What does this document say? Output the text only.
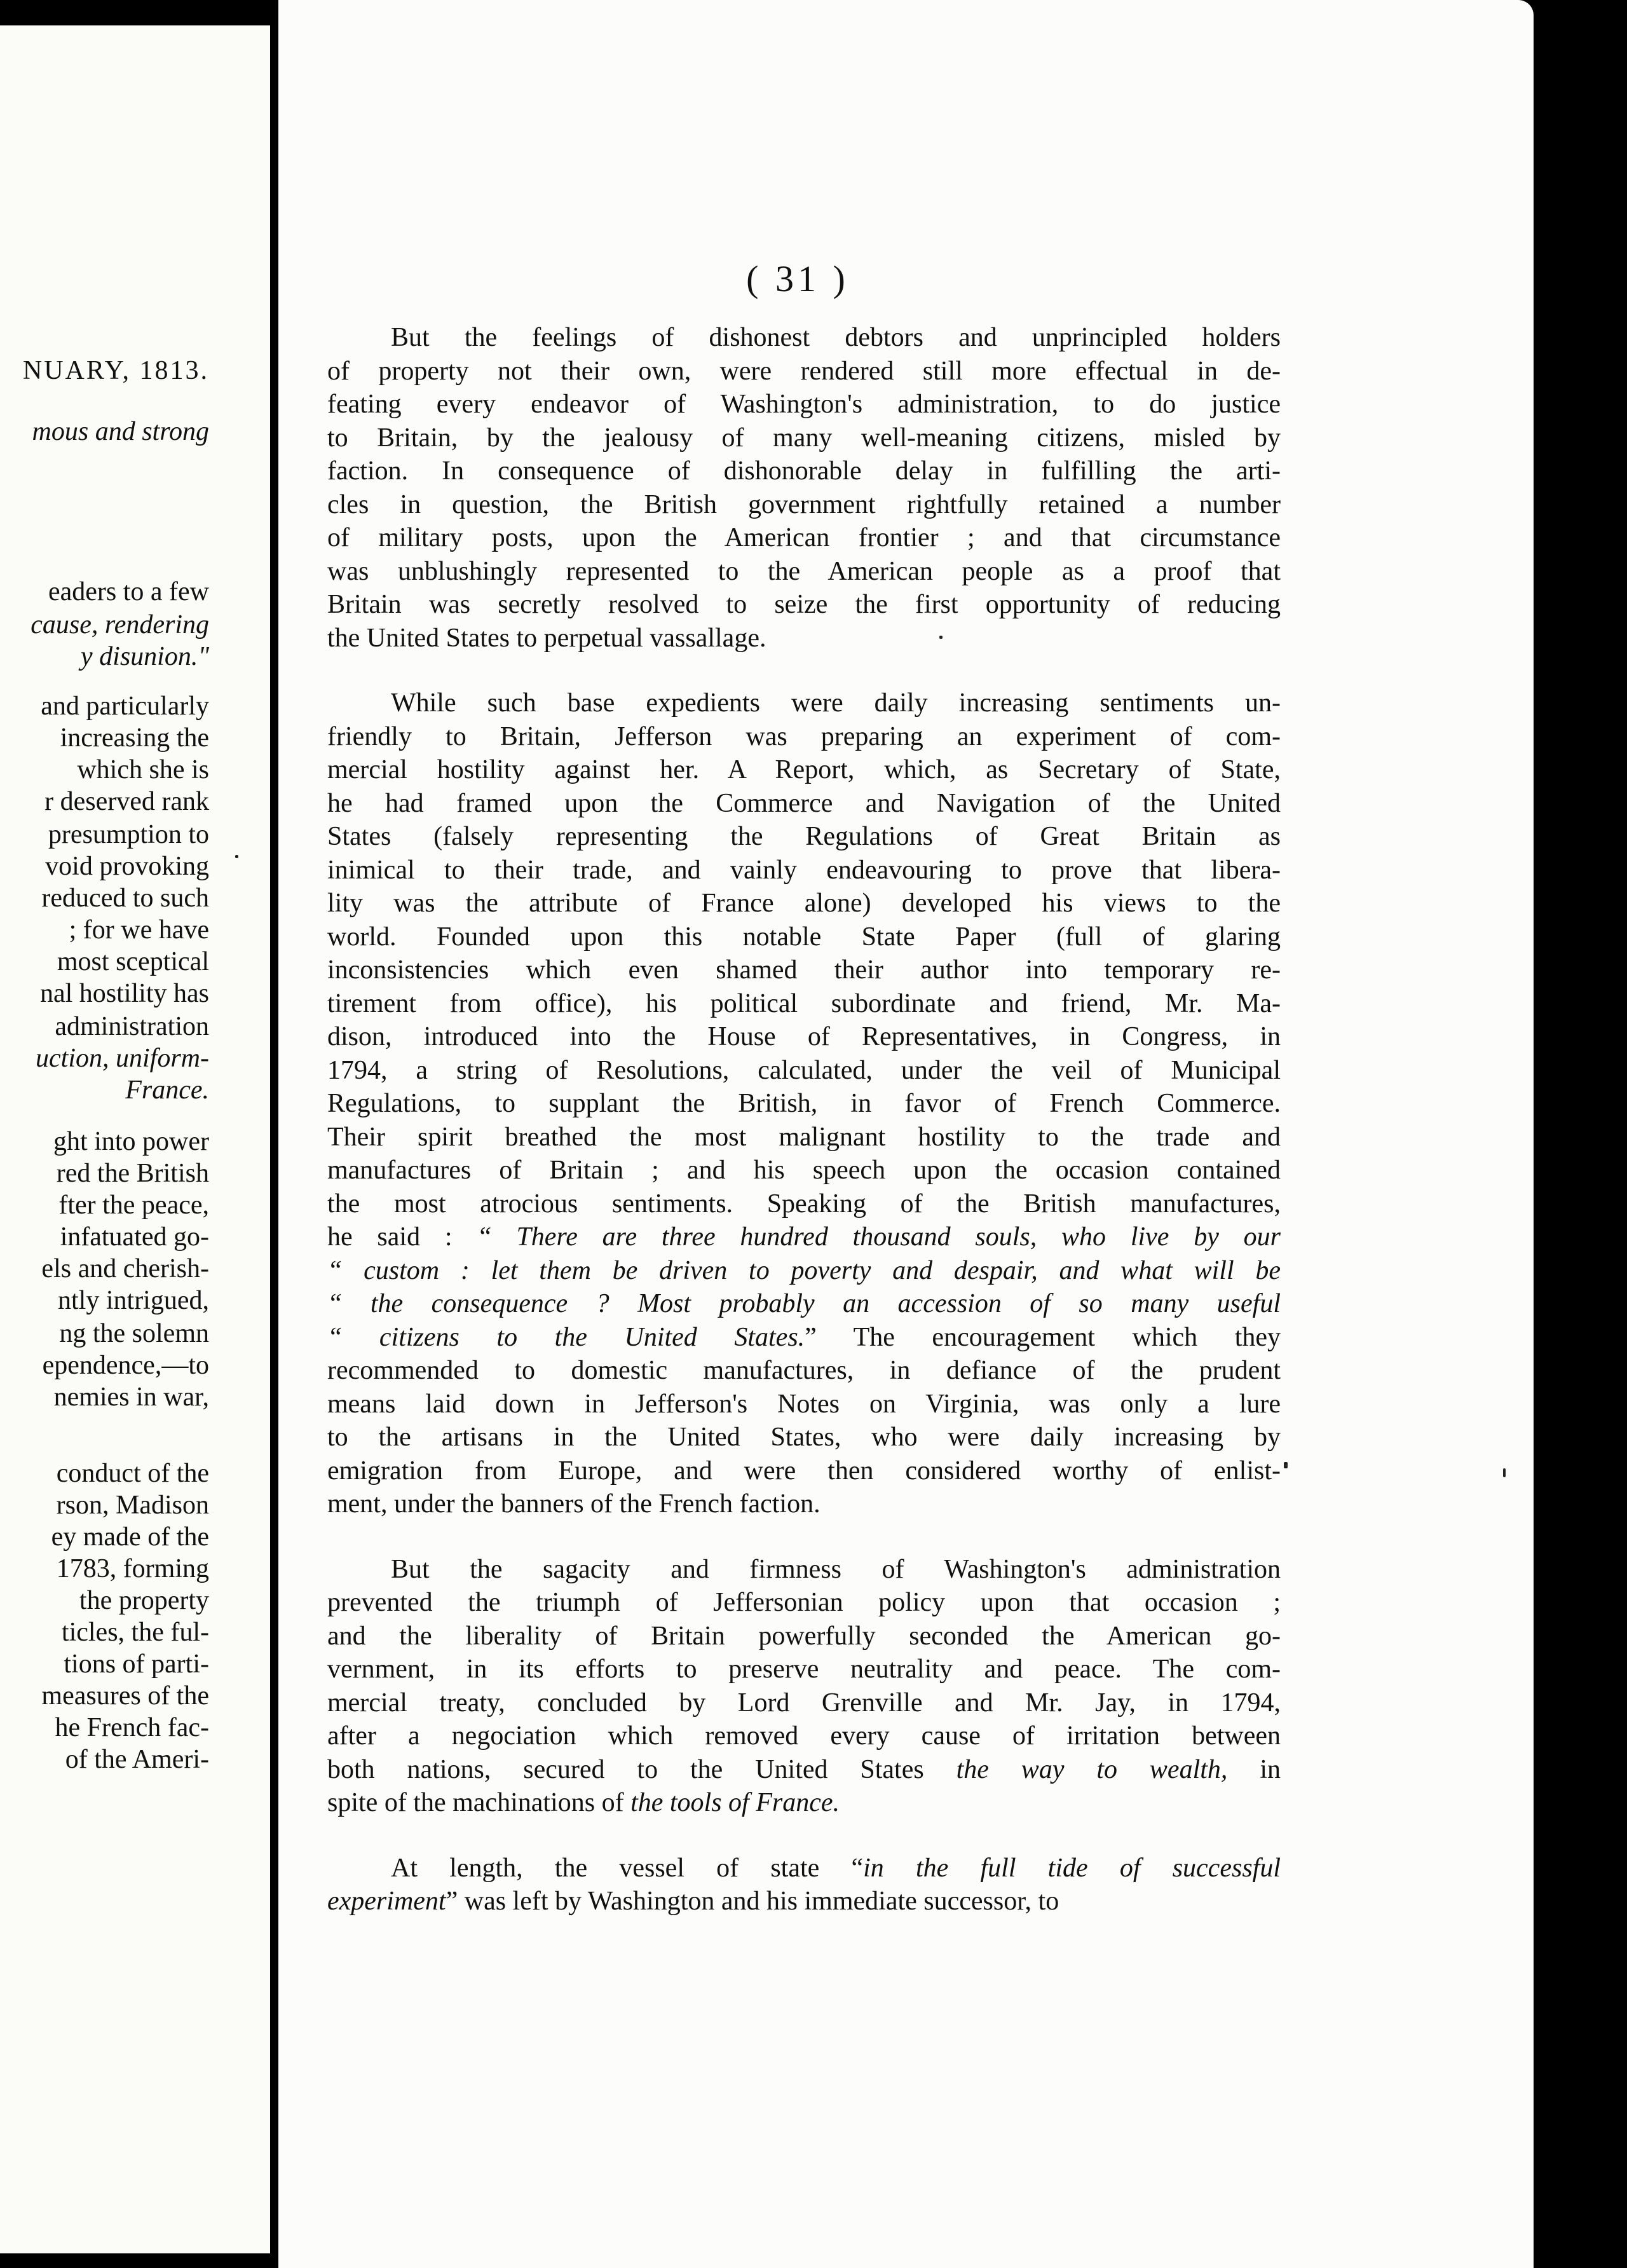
NUARY, 1813.
mous and strong
eaders to a few
cause, rendering
y disunion."
and particularly
increasing the
which she is
r deserved rank
presumption to
void provoking
reduced to such
; for we have
most sceptical
nal hostility has
administration
uction, uniform-
France.
ght into power
red the British
fter the peace,
infatuated go-
els and cherish-
ntly intrigued,
ng the solemn
ependence,—to
nemies in war,
conduct of the
rson, Madison
ey made of the
1783, forming
the property
ticles, the ful-
tions of parti-
measures of the
he French fac-
of the Ameri-
( 31 )
But the feelings of dishonest debtors and unprincipled holders
of property not their own, were rendered still more effectual in de-
feating every endeavor of Washington's administration, to do justice
to Britain, by the jealousy of many well-meaning citizens, misled by
faction. In consequence of dishonorable delay in fulfilling the arti-
cles in question, the British government rightfully retained a number
of military posts, upon the American frontier ; and that circumstance
was unblushingly represented to the American people as a proof that
Britain was secretly resolved to seize the first opportunity of reducing
the United States to perpetual vassallage.
While such base expedients were daily increasing sentiments un-
friendly to Britain, Jefferson was preparing an experiment of com-
mercial hostility against her. A Report, which, as Secretary of State,
he had framed upon the Commerce and Navigation of the United
States (falsely representing the Regulations of Great Britain as
inimical to their trade, and vainly endeavouring to prove that libera-
lity was the attribute of France alone) developed his views to the
world. Founded upon this notable State Paper (full of glaring
inconsistencies which even shamed their author into temporary re-
tirement from office), his political subordinate and friend, Mr. Ma-
dison, introduced into the House of Representatives, in Congress, in
1794, a string of Resolutions, calculated, under the veil of Municipal
Regulations, to supplant the British, in favor of French Commerce.
Their spirit breathed the most malignant hostility to the trade and
manufactures of Britain ; and his speech upon the occasion contained
the most atrocious sentiments. Speaking of the British manufactures,
he said : “ There are three hundred thousand souls, who live by our
“ custom : let them be driven to poverty and despair, and what will be
“ the consequence ? Most probably an accession of so many useful
“ citizens to the United States.” The encouragement which they
recommended to domestic manufactures, in defiance of the prudent
means laid down in Jefferson's Notes on Virginia, was only a lure
to the artisans in the United States, who were daily increasing by
emigration from Europe, and were then considered worthy of enlist-
ment, under the banners of the French faction.
But the sagacity and firmness of Washington's administration
prevented the triumph of Jeffersonian policy upon that occasion ;
and the liberality of Britain powerfully seconded the American go-
vernment, in its efforts to preserve neutrality and peace. The com-
mercial treaty, concluded by Lord Grenville and Mr. Jay, in 1794,
after a negociation which removed every cause of irritation between
both nations, secured to the United States the way to wealth, in
spite of the machinations of the tools of France.
At length, the vessel of state “in the full tide of successful
experiment” was left by Washington and his immediate successor, to
